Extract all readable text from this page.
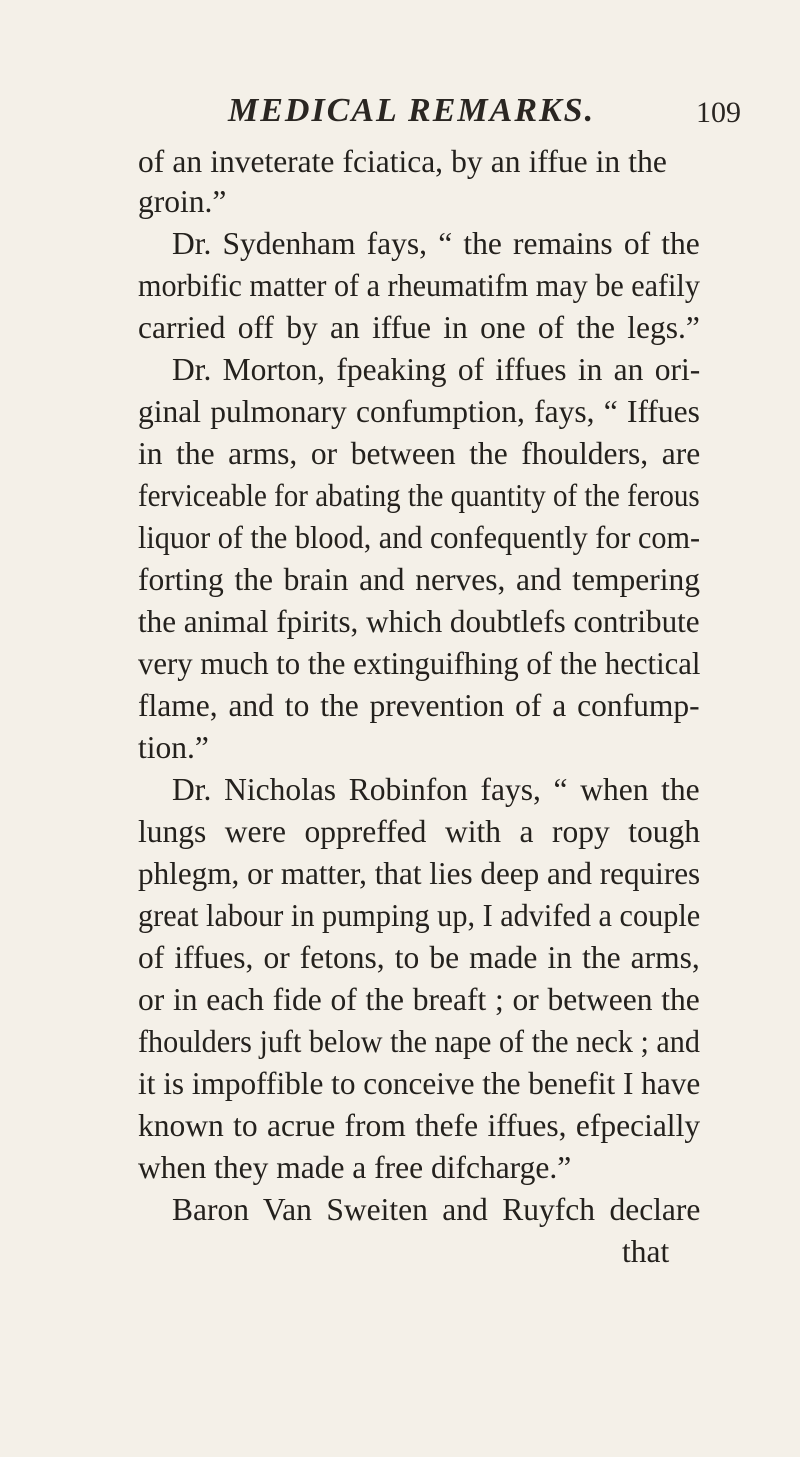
MEDICAL REMARKS.	109
of an inveterate fciatica, by an iffue in the
groin.”
Dr. Sydenham fays, “ the remains of the
morbific matter of a rheumatifm may be eafily
carried off by an iffue in one of the legs.”
Dr. Morton, fpeaking of iffues in an ori-
ginal pulmonary confumption, fays, “ Iffues
in the arms, or between the fhoulders, are
ferviceable for abating the quantity of the ferous
liquor of the blood, and confequently for com-
forting the brain and nerves, and tempering
the animal fpirits, which doubtlefs contribute
very much to the extinguifhing of the hectical
flame, and to the prevention of a confump-
tion.”
Dr. Nicholas Robinfon fays, “ when the
lungs were oppreffed with a ropy tough
phlegm, or matter, that lies deep and requires
great labour in pumping up, I advifed a couple
of iffues, or fetons, to be made in the arms,
or in each fide of the breaft ; or between the
fhoulders juft below the nape of the neck ; and
it is impoffible to conceive the benefit I have
known to acrue from thefe iffues, efpecially
when they made a free difcharge.”
Baron Van Sweiten and Ruyfch declare
that
